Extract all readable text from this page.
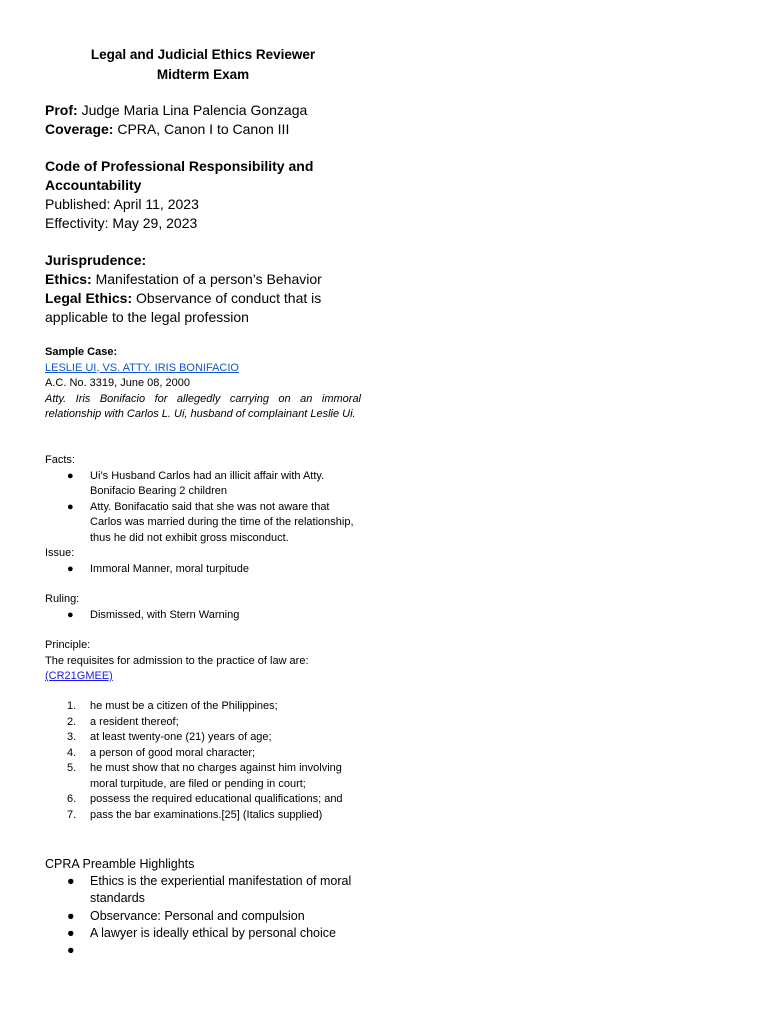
Legal and Judicial Ethics Reviewer
Midterm Exam
Prof: Judge Maria Lina Palencia Gonzaga
Coverage: CPRA, Canon I to Canon III
Code of Professional Responsibility and Accountability
Published: April 11, 2023
Effectivity: May 29, 2023
Jurisprudence:
Ethics: Manifestation of a person’s Behavior
Legal Ethics: Observance of conduct that is applicable to the legal profession
Sample Case:
LESLIE UI, VS. ATTY. IRIS BONIFACIO
A.C. No. 3319, June 08, 2000
Atty. Iris Bonifacio for allegedly carrying on an immoral relationship with Carlos L. Ui, husband of complainant Leslie Ui.
Facts:
● Ui’s Husband Carlos had an illicit affair with Atty. Bonifacio Bearing 2 children
● Atty. Bonifacatio said that she was not aware that Carlos was married during the time of the relationship, thus he did not exhibit gross misconduct.
Issue:
● Immoral Manner, moral turpitude
Ruling:
● Dismissed, with Stern Warning
Principle:
The requisites for admission to the practice of law are:
(CR21GMEE)
1. he must be a citizen of the Philippines;
2. a resident thereof;
3. at least twenty-one (21) years of age;
4. a person of good moral character;
5. he must show that no charges against him involving moral turpitude, are filed or pending in court;
6. possess the required educational qualifications; and
7. pass the bar examinations.[25] (Italics supplied)
CPRA Preamble Highlights
● Ethics is the experiential manifestation of moral standards
● Observance: Personal and compulsion
● A lawyer is ideally ethical by personal choice
●
